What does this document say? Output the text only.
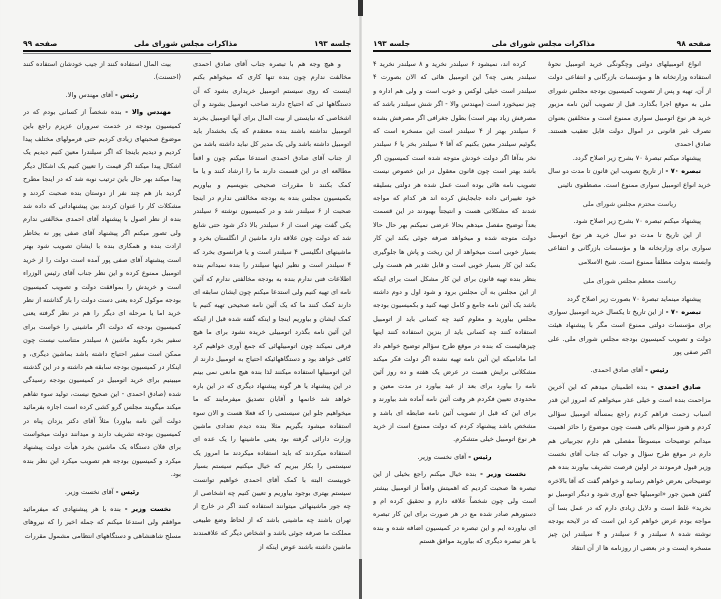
صفحه ۹۸
مذاکرات مجلس شورای ملی
جلسه ۱۹۳

انواع اتومبیلهای دولتی وچگونگی خرید اتومبیل نحوهٔ استفاده وزارتخانه ها و مؤسسات بازرگانی و انتفاعی دولت از آن، تهیه و پس از تصویب کمیسیون بودجه مجلس شورای ملی به موقع اجرا بگذارد. قبل از تصویب آئین نامه مزبور خرید هر نوع اتومبیل سواری ممنوع است و متخلفین بعنوان تصرف غیر قانونی در اموال دولت قابل تعقیب هستند. صادق احمدی

پیشنهاد میکنم تبصرهٔ ۷۰ بشرح زیر اصلاح گردد.

تبصره ۷۰ - از تاریخ تصویب این قانون تا مدت دو سال خرید انواع اتومبیل سواری ممنوع است. مصطفوی نائینی

ریاست محترم مجلس شورای ملی

پیشنهاد میکنم تبصره ۷۰ بشرح زیر اصلاح شود.

از این تاریخ تا مدت دو سال خرید هر نوع اتومبیل سواری برای وزارتخانه ها و مؤسسات بازرگانی و انتفاعی وابسته بدولت مطلقاً ممنوع است. شیخ الاسلامی

ریاست معظم مجلس شورای ملی

پیشنهاد مینماید تبصرهٔ ۷۰ بصورت زیر اصلاح گردد

تبصره ۷۰ - از این تاریخ تا یکسال خرید اتومبیل سواری برای مؤسسات دولتی ممنوع است مگر با پیشنهاد هیئت دولت و تصویب کمیسیون بودجه مجلس شورای ملی. علی اکبر صفی پور

رئیس - آقای صادق احمدی.

صادق احمدی - بنده اطمینان میدهم که این آخرین مزاحمت بنده است و خیلی عذر میخواهم که امروز این قدر اسباب زحمت فراهم کردم راجع بمسأله اتومبیل سؤالی کردم و هنوز سؤالم باقی هست چون موضوع را حائز اهمیت میدانم توضیحات مبسوطاً مفصلی هم دارم تجربیاتی هم دارم در موقع طرح سؤال و جواب که جناب آقای نخست وزیر قبول فرمودند در اولین فرصت تشریف بیاورند بنده هم توضیحاتی بعرض خواهم رسانید و خواهم گفت که آقا بالاخره گفتن همین جور «اتومبیلها جمع آوری شود و دیگر اتومبیل نو نخرید» غلط است و دلایل زیادی دارم که در عمل بسا آن مواجه بودم عرض خواهم کرد این است که در لایحه بودجه نوشته شده ۸ سیلندر و ۶ سیلندر و ۴ سیلندر این چیز مسخره ایست و در بعضی از روزنامه ها از آن انتقاد

کرده اند، نمیشود ۶ سیلندر نخرید و ۸ سیلندر نخرید ۴ سیلندر یعنی چه؟ این اتومبیل هائی که الان بصورت ۴ سیلندر است خیلی لوکس و خوب است و ولی هم اداره و چیز نمیخورد است (مهندس والا - اگر شش سیلندر باشد که مصرفش زیاد بهتر است) بطول جغرافی اگر مصرفش بشده ۶ سیلندر بهتر از ۴ سیلندر است این مسخره است که بگوئیم سیلندر معین بکنیم که آقا ۴ سیلندر بخر یا ۶ سیلندر نخر بدآقا اگر دولت خودش متوجه شده است کمیسیون اگر باشد بهتر است چون قانون معقول در این خصوص نیست تصویب نامه هائی بوده است عمل شده هر دولتی بسلیقه خود تغییراتی داده جابجایش کرده اند هر کدام که مواجه شدند که مشکلاتی هست و انتیجتاً بهبودند در این قسمت بعداً توضیح مفصل میدهم بحالا عرضی نمیکنم بهر حال حالا دولت متوجه شده و میخواهد صرفه جوئی بکند این کار بسیار خوبی است میخواهد از این ریخت و پاش ها جلوگیری بکند این کار بسیار خوبی است و قابل تقدیر هم هست ولی بنظر بنده تهیه قانون برای این کار مشکل است برای اینکه از این مجلس به آن مجلس برود و شود اول و دوم داشته باشد یک آئین نامه جامع و کامل تهیه کنید و بکمیسیون بودجه مجلس بیاورید و معلوم کنید چه کسانی باید از اتومبیل استفاده کنند چه کسانی باید از بنزین استفاده کنند اینها چیزهائیست که بنده در موقع طرح سؤالم توضیح خواهم داد اما مادامیکه این آئین نامه تهیه نشده اگر دولت فکر میکند مشکلاتی برایش هست در عرض یک هفته و ده روز آئین نامه را بیاورد برای بعد از عید بیاورد در مدت معین و محدودی تعیین فکردم هر وقت آئین نامه آماده شد بیاورند و برای این که قبل از تصویب آئین نامه ضابطه ای باشد و مشخص باشد پیشنهاد کردم که دولت ممنوع است از خرید هر نوع اتومبیل خیلی متشکرم.

رئیس - آقای نخست وزیر.

نخست وزیر - بنده خیال میکنم راجع بخیلی از این تبصره ها صحبت کردیم که اهمیتش واقعاً از اتومبیل بیشتر است ولی چون شخصاً علاقه دارم و تحقیق کرده ام و دستورهم صادر شده مع در هر صورت برای این کار تبصره ای نیاورده ایم و این تبصره در کمیسیون اضافه شده و بنده با هر تبصره دیگری که بیاورید موافق هستم

جلسه ۱۹۳
مذاکرات مجلس شورای ملی
صفحه ۹۹

و هیچ وجه هم با تبصره جناب آقای صادق احمدی مخالفت ندارم چون بنده تنها کاری که میخواهم بکنم اینست که روی سیستم اتومبیل خریداری بشود که آن دستگاهها ئی که احتیاج دارند صاحب اتومبیل بشوند و آن اشخاصی که نبایستی از بیت المال برای آنها اتومبیل بخرند اتومبیل نداشته باشند بنده معتقدم که یک بخشدار باید اتومبیل داشته باشد ولی یک مدیر کل نباید داشته باشد من از جناب آقای صادق احمدی استدعا میکنم چون و اقعاً مطالعه ای در این قسمت دارند ما را ارشاد کنند و یا ما کمک بکنند تا مقررات صحیحی بنویسیم و بیاوریم بکمیسیون مجلس بنده به بودجه مخالفتی ندارم در اینجا صحبت از ۶ سیلندر شد و در کمیسیون نوشته ۶ سیلندر یکی گفت بهتر است از ۶ سیلندر بالا ذکر شود حتی شایع شد که دولت چون علاقه دارد ماشین از انگلستان بخرد و ماشینهای انگلیسی ۴ سیلندر است و یا فرانسوی بخرد که ۴ سیلندر است و نظیر اینها سیلندر را بنده نمیدانم بنده اطلاعات فنی ندارم بنده به بودجه مخالفتی ندارم که آئین نامه ای تهیه کنیم ولی استدعا میکنم چون ایشان سابقه ای دارند کمک کنند ما که یک آئین نامه صحیحی تهیه کنیم با کمک ایشان و بیاوریم اینجا و اینکه گفته شده قبل از اینکه این آئین نامه بگذرد اتومبیلی خریده نشود برای ما هیچ فرقی نمیکند چون اتومبیلهائی که جمع آوری خواهیم کرد کافی خواهد بود و دستگاههائیکه احتیاج به اتومبیل دارند از این اتومبیلها استفاده میکنند لذا بنده هیچ مانعی نمی بینم در این پیشنهاد یا هر گونه پیشنهاد دیگری که در این باره خواهد شد خانمها و آقایان تصدیق میفرمایند که ما میخواهیم جلو این سیستمی را که فعلا هست و الان سوء استفاده میشود بگیریم مثلا بنده دیدم تعدادی ماشین وزارت دارائی گرفته بود یعنی ماشینها را یک عده ای استفاده میکردند که باید استفاده میکردند ما امروز یک سیستمی را بکار ببریم که خیال میکنیم سیستم بسیار خوبیست البته با کمک آقای احمدی خواهیم توانست سیستم بهتری بوجود بیاوریم و تعیین کنیم چه اشخاصی از چه جور ماشینهائی میتوانند استفاده کنند اگر در خارج از تهران باشند چه ماشینی باشد که از لحاظ وضع طبیعی مملکت ما صرفه جوئی باشد و اشخاص دیگر که علاقمندند ماشین داشته باشند عوض اینکه از

بیت المال استفاده کنند از جیب خودشان استفاده کنند (احسنت).

رئیس - آقای مهندس والا.

مهندس والا - بنده شخصاً از کسانی بودم که در کمیسیون بودجه در خدمت سروران عزیزم راجع باین موضوع صحبتهای زیادی کردیم حتی فرمولهای مختلف پیدا کردیم و دیدیم باینجا که اگر سیلندرا معین کنیم دیدیم یک اشکال پیدا میکند اگر قیمت را تعیین کنیم یک اشکال دیگر پیدا میکند بهر حال باین ترتیب نوبه شد که در اینجا مطرح گردید باز هم چند نفر از دوستان بنده صحبت کردند و مشکلات کار را عنوان کردند بین پیشنهاداتی که داده شد بنده از نظر اصول با پیشنهاد آقای احمدی مخالفتی ندارم ولی تصور میکنم اگر پیشنهاد آقای صفی پور نه بخاطر ارادت بنده و همکاری بنده با ایشان تصویب شود بهتر است پیشنهاد آقای صفی پور آمده است دولت را از خرید اتومبیل ممنوع کرده و این نظر جناب آقای رئیس الوزراء است و خریدش را بموافقت دولت و تصویب کمیسیون بودجه موکول کرده یعنی دست دولت را باز گذاشته از نظر خرید اما یا مرحله ای دیگر را هم در نظر گرفته یعنی کمیسیون بودجه که دولت اگر ماشینی را خواست برای سفیر بخرد بگوید ماشین ۸ سیلندر متناسب نیست چون ممکن است سفیر احتیاج داشته باشد بماشین دیگری، و اینکار در کمیسیون بودجه سابقه هم داشته و در این گذشته میبینیم برای خرید اتومبیل در کمیسیون بودجه رسیدگی شده (صادق احمدی - این صحیح نیست، تولید سوء تفاهم میکند میگویند مجلس گرو کشی کرده است اجازه بفرمائید دولت آئین نامه بیاورد) مثلاً آقای دکتر یزدان پناه در کمیسیون بودجه تشریف دارند و میدانند دولت میخواست برای فلان دستگاه یک ماشین بخرد هیأت دولت پیشنهاد میکرد و کمیسیون بودجه هم تصویب میکرد این نظر بنده بود.

رئیس - آقای نخست وزیر.

نخست وزیر - بنده با هر پیشنهادی که میفرمائید موافقم ولی استدعا میکنم که جمله اخیر را که نیروهای مسلح شاهنشاهی و دستگاههای انتظامی مشمول مقررات
